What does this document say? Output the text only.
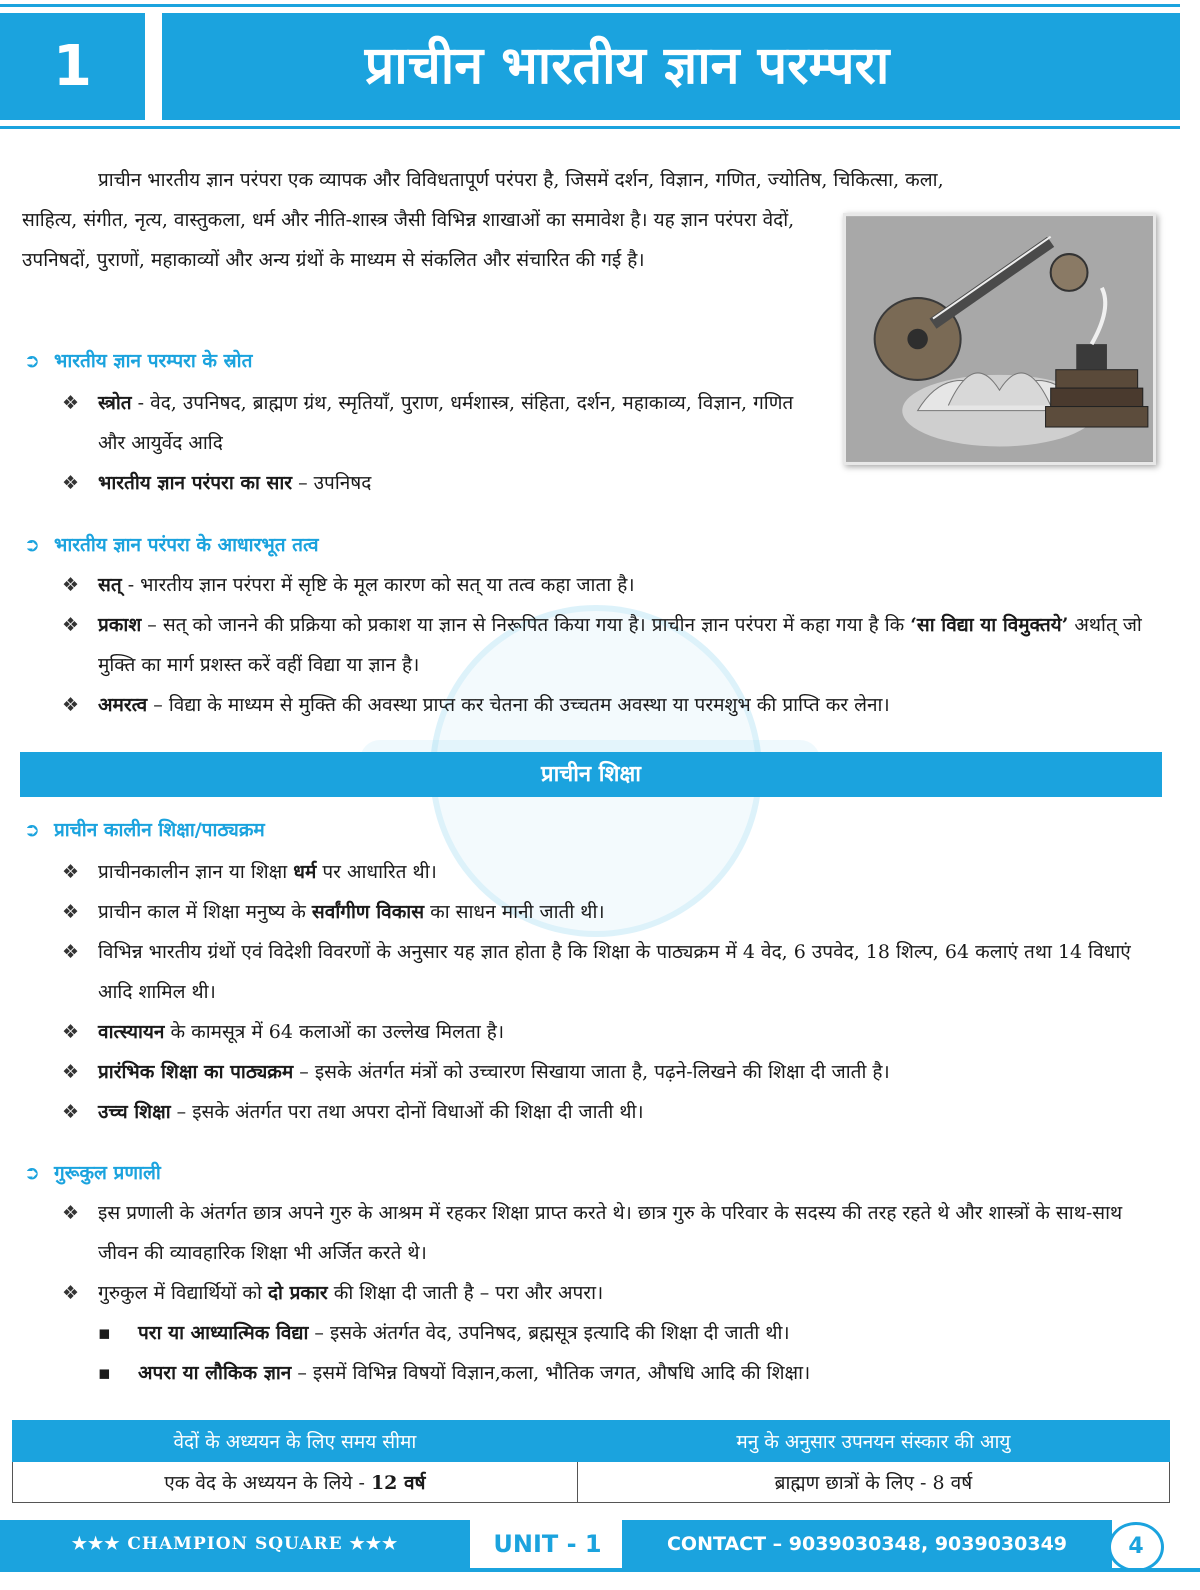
1	प्राचीन भारतीय ज्ञान परम्परा
प्राचीन भारतीय ज्ञान परंपरा एक व्यापक और विविधतापूर्ण परंपरा है, जिसमें दर्शन, विज्ञान, गणित, ज्योतिष, चिकित्सा, कला,
साहित्य, संगीत, नृत्य, वास्तुकला, धर्म और नीति-शास्त्र जैसी विभिन्न शाखाओं का समावेश है। यह ज्ञान परंपरा वेदों, उपनिषदों, पुराणों, महाकाव्यों और अन्य ग्रंथों के माध्यम से संकलित और संचारित की गई है।
➲ भारतीय ज्ञान परम्परा के स्रोत
❖ स्त्रोत - वेद, उपनिषद, ब्राह्मण ग्रंथ, स्मृतियाँ, पुराण, धर्मशास्त्र, संहिता, दर्शन, महाकाव्य, विज्ञान, गणित और आयुर्वेद आदि
❖ भारतीय ज्ञान परंपरा का सार – उपनिषद
➲ भारतीय ज्ञान परंपरा के आधारभूत तत्व
❖ सत् - भारतीय ज्ञान परंपरा में सृष्टि के मूल कारण को सत् या तत्व कहा जाता है।
❖ प्रकाश – सत् को जानने की प्रक्रिया को प्रकाश या ज्ञान से निरूपित किया गया है। प्राचीन ज्ञान परंपरा में कहा गया है कि ‘सा विद्या या विमुक्तये’ अर्थात् जो मुक्ति का मार्ग प्रशस्त करें वहीं विद्या या ज्ञान है।
❖ अमरत्व – विद्या के माध्यम से मुक्ति की अवस्था प्राप्त कर चेतना की उच्चतम अवस्था या परमशुभ की प्राप्ति कर लेना।
प्राचीन शिक्षा
➲ प्राचीन कालीन शिक्षा/पाठ्यक्रम
❖ प्राचीनकालीन ज्ञान या शिक्षा धर्म पर आधारित थी।
❖ प्राचीन काल में शिक्षा मनुष्य के सर्वांगीण विकास का साधन मानी जाती थी।
❖ विभिन्न भारतीय ग्रंथों एवं विदेशी विवरणों के अनुसार यह ज्ञात होता है कि शिक्षा के पाठ्यक्रम में 4 वेद, 6 उपवेद, 18 शिल्प, 64 कलाएं तथा 14 विधाएं आदि शामिल थी।
❖ वात्स्यायन के कामसूत्र में 64 कलाओं का उल्लेख मिलता है।
❖ प्रारंभिक शिक्षा का पाठ्यक्रम – इसके अंतर्गत मंत्रों को उच्चारण सिखाया जाता है, पढ़ने-लिखने की शिक्षा दी जाती है।
❖ उच्च शिक्षा – इसके अंतर्गत परा तथा अपरा दोनों विधाओं की शिक्षा दी जाती थी।
➲ गुरूकुल प्रणाली
❖ इस प्रणाली के अंतर्गत छात्र अपने गुरु के आश्रम में रहकर शिक्षा प्राप्त करते थे। छात्र गुरु के परिवार के सदस्य की तरह रहते थे और शास्त्रों के साथ-साथ जीवन की व्यावहारिक शिक्षा भी अर्जित करते थे।
❖ गुरुकुल में विद्यार्थियों को दो प्रकार की शिक्षा दी जाती है – परा और अपरा।
▪ परा या आध्यात्मिक विद्या – इसके अंतर्गत वेद, उपनिषद, ब्रह्मसूत्र इत्यादि की शिक्षा दी जाती थी।
▪ अपरा या लौकिक ज्ञान – इसमें विभिन्न विषयों विज्ञान,कला, भौतिक जगत, औषधि आदि की शिक्षा।
वेदों के अध्ययन के लिए समय सीमा	मनु के अनुसार उपनयन संस्कार की आयु
एक वेद के अध्ययन के लिये - 12 वर्ष	ब्राह्मण छात्रों के लिए - 8 वर्ष
★★★ CHAMPION SQUARE ★★★	UNIT - 1	CONTACT – 9039030348, 9039030349	4
